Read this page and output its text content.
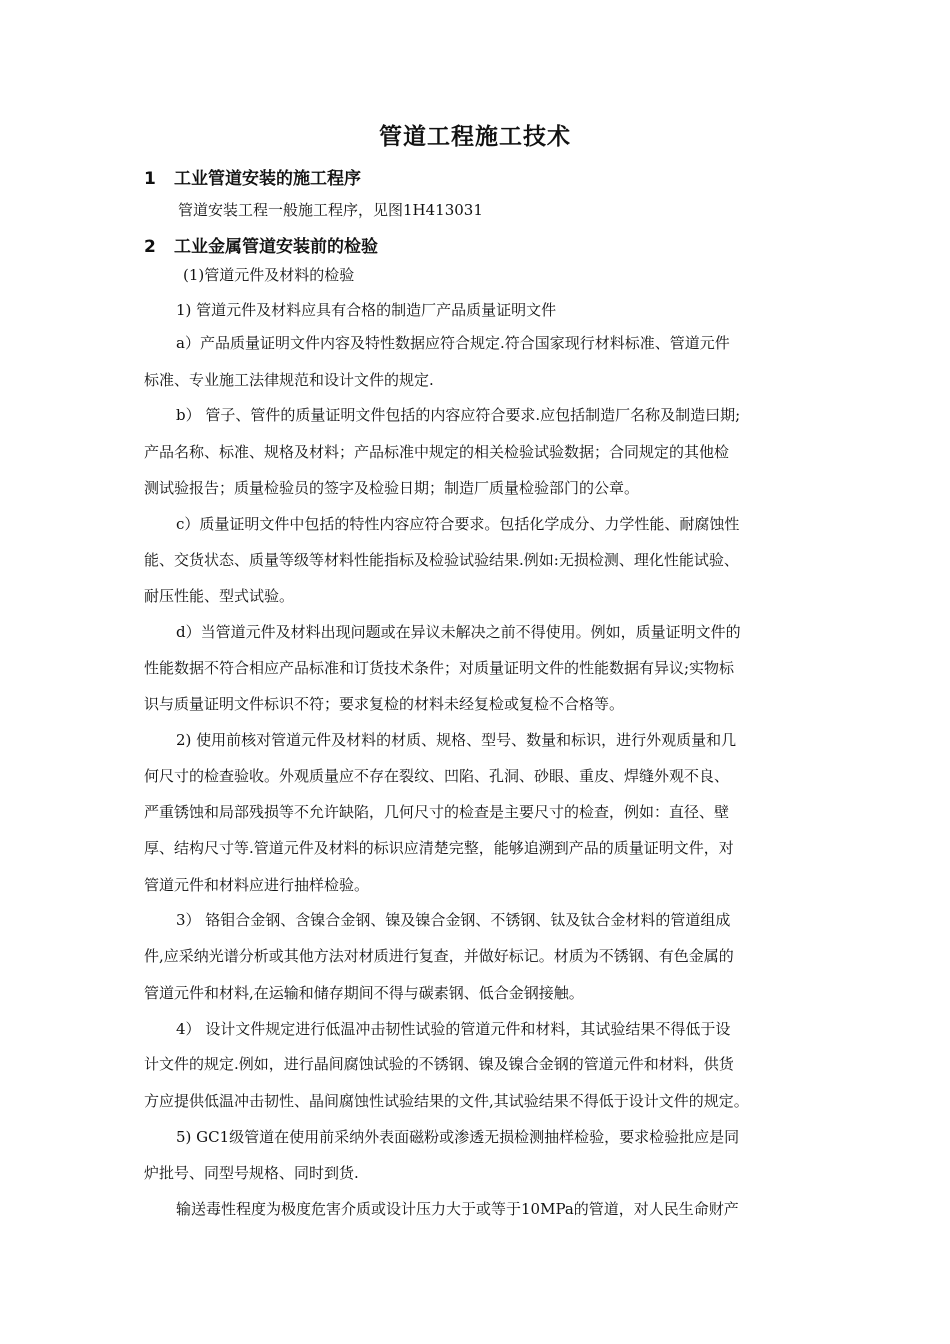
管道工程施工技术
1 工业管道安装的施工程序
管道安装工程一般施工程序，见图1H413031
2 工业金属管道安装前的检验
(1)管道元件及材料的检验
1) 管道元件及材料应具有合格的制造厂产品质量证明文件
a）产品质量证明文件内容及特性数据应符合规定.符合国家现行材料标准、管道元件
标准、专业施工法律规范和设计文件的规定.
b） 管子、管件的质量证明文件包括的内容应符合要求.应包括制造厂名称及制造曰期;
产品名称、标准、规格及材料；产品标准中规定的相关检验试验数据；合同规定的其他检
测试验报告；质量检验员的签字及检验日期；制造厂质量检验部门的公章。
c）质量证明文件中包括的特性内容应符合要求。包括化学成分、力学性能、耐腐蚀性
能、交货状态、质量等级等材料性能指标及检验试验结果.例如:无损检测、理化性能试验、
耐压性能、型式试验。
d）当管道元件及材料出现问题或在异议未解决之前不得使用。例如，质量证明文件的
性能数据不符合相应产品标准和订货技术条件；对质量证明文件的性能数据有异议;实物标
识与质量证明文件标识不符；要求复检的材料未经复检或复检不合格等。
2) 使用前核对管道元件及材料的材质、规格、型号、数量和标识，进行外观质量和几
何尺寸的检查验收。外观质量应不存在裂纹、凹陷、孔洞、砂眼、重皮、焊缝外观不良、
严重锈蚀和局部残损等不允许缺陷，几何尺寸的检查是主要尺寸的检查，例如：直径、壁
厚、结构尺寸等.管道元件及材料的标识应清楚完整，能够追溯到产品的质量证明文件，对
管道元件和材料应进行抽样检验。
3） 铬钼合金钢、含镍合金钢、镍及镍合金钢、不锈钢、钛及钛合金材料的管道组成
件,应采纳光谱分析或其他方法对材质进行复查，并做好标记。材质为不锈钢、有色金属的
管道元件和材料,在运输和储存期间不得与碳素钢、低合金钢接触。
4） 设计文件规定进行低温冲击韧性试验的管道元件和材料，其试验结果不得低于设
计文件的规定.例如，进行晶间腐蚀试验的不锈钢、镍及镍合金钢的管道元件和材料，供货
方应提供低温冲击韧性、晶间腐蚀性试验结果的文件,其试验结果不得低于设计文件的规定。
5) GC1级管道在使用前采纳外表面磁粉或渗透无损检测抽样检验，要求检验批应是同
炉批号、同型号规格、同时到货.
输送毒性程度为极度危害介质或设计压力大于或等于10MPa的管道，对人民生命财产
